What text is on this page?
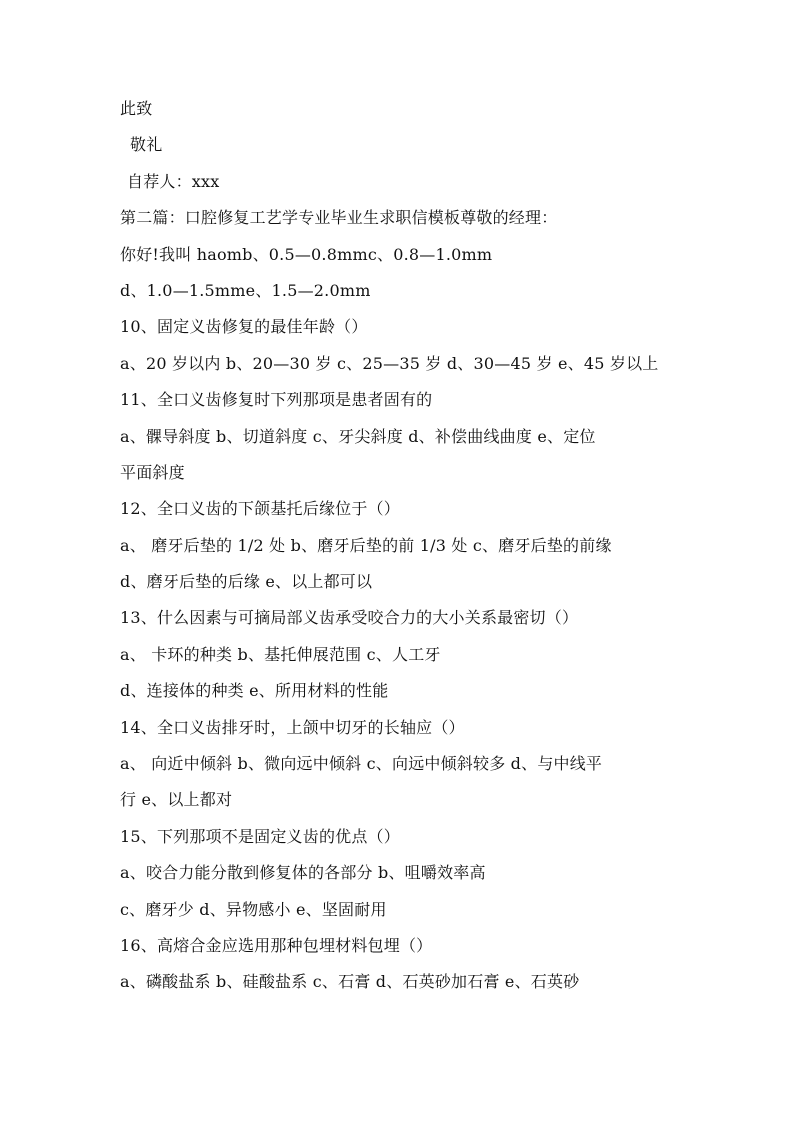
此致
敬礼
自荐人：xxx
第二篇：口腔修复工艺学专业毕业生求职信模板尊敬的经理：
你好!我叫 haomb、0.5—0.8mmc、0.8—1.0mm
d、1.0—1.5mme、1.5—2.0mm
10、固定义齿修复的最佳年龄（）
a、20 岁以内 b、20—30 岁 c、25—35 岁 d、30—45 岁 e、45 岁以上
11、全口义齿修复时下列那项是患者固有的
a、髁导斜度 b、切道斜度 c、牙尖斜度 d、补偿曲线曲度 e、定位
平面斜度
12、全口义齿的下颌基托后缘位于（）
a、 磨牙后垫的 1/2 处 b、磨牙后垫的前 1/3 处 c、磨牙后垫的前缘
d、磨牙后垫的后缘 e、以上都可以
13、什么因素与可摘局部义齿承受咬合力的大小关系最密切（）
a、 卡环的种类 b、基托伸展范围 c、人工牙
d、连接体的种类 e、所用材料的性能
14、全口义齿排牙时，上颌中切牙的长轴应（）
a、 向近中倾斜 b、微向远中倾斜 c、向远中倾斜较多 d、与中线平
行 e、以上都对
15、下列那项不是固定义齿的优点（）
a、咬合力能分散到修复体的各部分 b、咀嚼效率高
c、磨牙少 d、异物感小 e、坚固耐用
16、高熔合金应选用那种包埋材料包埋（）
a、磷酸盐系 b、硅酸盐系 c、石膏 d、石英砂加石膏 e、石英砂
